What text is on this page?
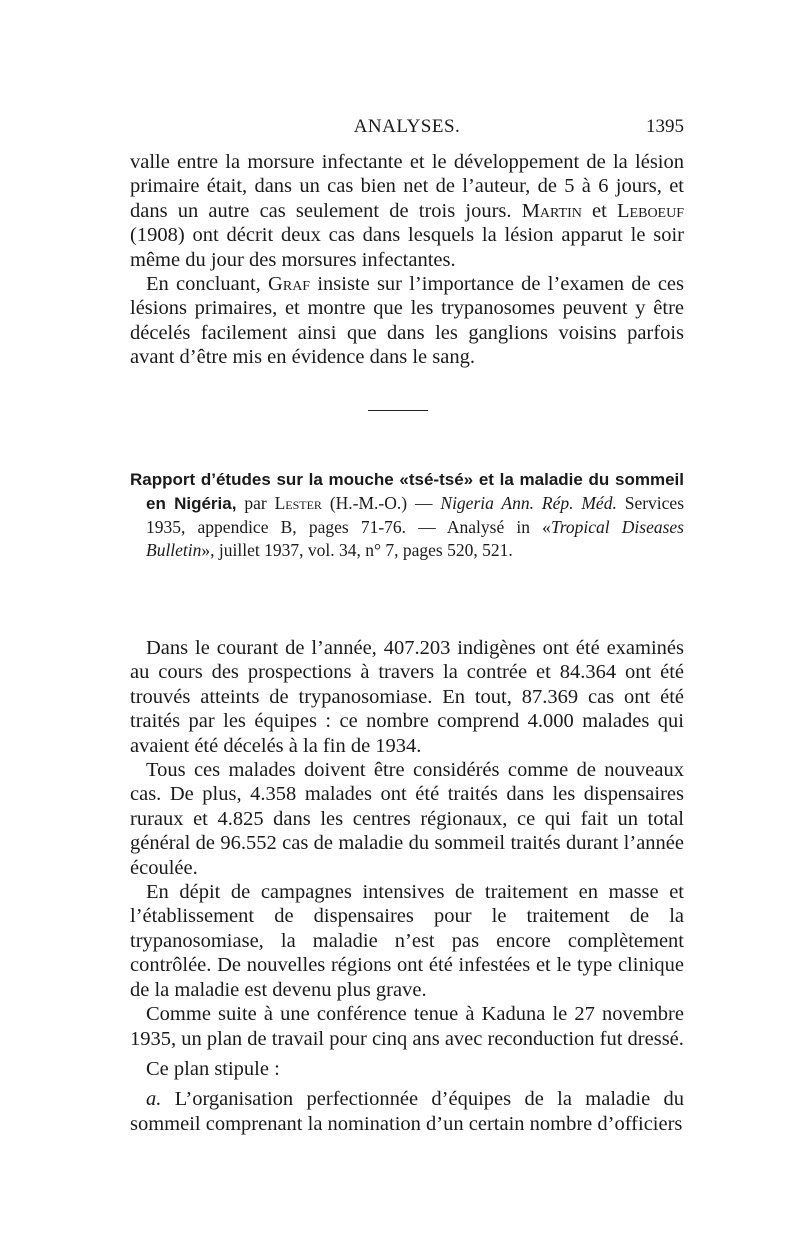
ANALYSES.	1395

valle entre la morsure infectante et le développement de la lésion primaire était, dans un cas bien net de l’auteur, de 5 à 6 jours, et dans un autre cas seulement de trois jours. Martin et Leboeuf (1908) ont décrit deux cas dans lesquels la lésion apparut le soir même du jour des morsures infectantes.

En concluant, Graf insiste sur l’importance de l’examen de ces lésions primaires, et montre que les trypanosomes peuvent y être décelés facilement ainsi que dans les ganglions voisins parfois avant d’être mis en évidence dans le sang.

Rapport d’études sur la mouche «tsé-tsé» et la maladie du sommeil en Nigéria, par Lester (H.-M.-O.) — Nigeria Ann. Rép. Méd. Services 1935, appendice B, pages 71-76. — Analysé in «Tropical Diseases Bulletin», juillet 1937, vol. 34, n° 7, pages 520, 521.

Dans le courant de l’année, 407.203 indigènes ont été examinés au cours des prospections à travers la contrée et 84.364 ont été trouvés atteints de trypanosomiase. En tout, 87.369 cas ont été traités par les équipes : ce nombre comprend 4.000 malades qui avaient été décelés à la fin de 1934.

Tous ces malades doivent être considérés comme de nouveaux cas. De plus, 4.358 malades ont été traités dans les dispensaires ruraux et 4.825 dans les centres régionaux, ce qui fait un total général de 96.552 cas de maladie du sommeil traités durant l’année écoulée.

En dépit de campagnes intensives de traitement en masse et l’établissement de dispensaires pour le traitement de la trypanosomiase, la maladie n’est pas encore complètement contrôlée. De nouvelles régions ont été infestées et le type clinique de la maladie est devenu plus grave.

Comme suite à une conférence tenue à Kaduna le 27 novembre 1935, un plan de travail pour cinq ans avec reconduction fut dressé.

Ce plan stipule :

a. L’organisation perfectionnée d’équipes de la maladie du sommeil comprenant la nomination d’un certain nombre d’officiers
